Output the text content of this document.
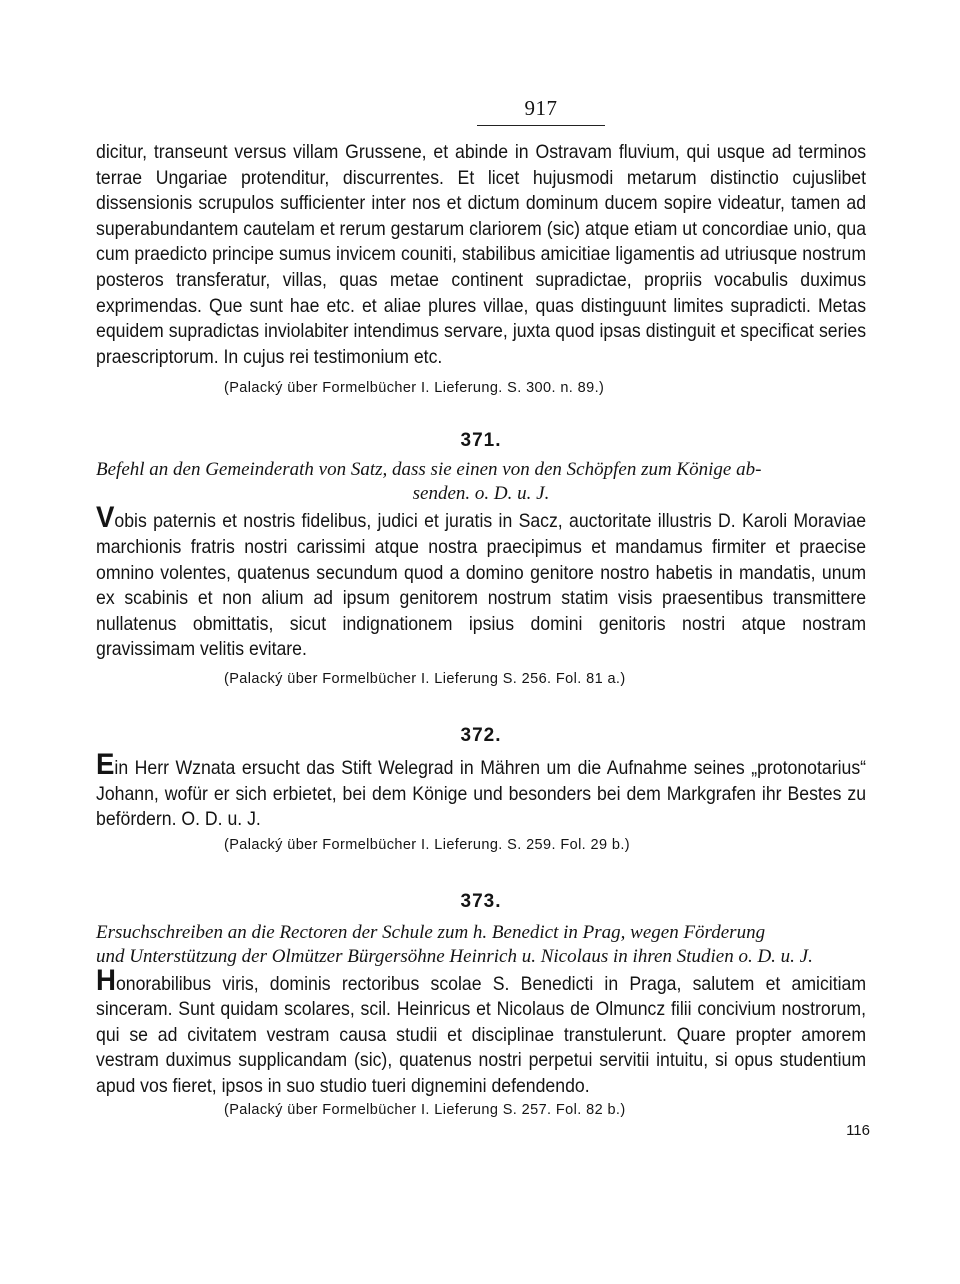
917

dicitur, transeunt versus villam Grussene, et abinde in Ostravam fluvium, qui usque ad terminos terrae Ungariae protenditur, discurrentes. Et licet hujusmodi metarum distinctio cujuslibet dissensionis scrupulos sufficienter inter nos et dictum dominum ducem sopire videatur, tamen ad superabundantem cautelam et rerum gestarum clariorem (sic) atque etiam ut concordiae unio, qua cum praedicto principe sumus invicem couniti, stabilibus amicitiae ligamentis ad utriusque nostrum posteros transferatur, villas, quas metae continent supradictae, propriis vocabulis duximus exprimendas. Que sunt hae etc. et aliae plures villae, quas distinguunt limites supradicti. Metas equidem supradictas inviolabiter intendimus servare, juxta quod ipsas distinguit et specificat series praescriptorum. In cujus rei testimonium etc.

(Palacký über Formelbücher I. Lieferung. S. 300. n. 89.)
371.

Befehl an den Gemeinderath von Satz, dass sie einen von den Schöpfen zum Könige ab-

senden. o. D. u. J.

Vobis paternis et nostris fidelibus, judici et juratis in Sacz, auctoritate illustris D. Karoli Moraviae marchionis fratris nostri carissimi atque nostra praecipimus et mandamus firmiter et praecise omnino volentes, quatenus secundum quod a domino genitore nostro habetis in mandatis, unum ex scabinis et non alium ad ipsum genitorem nostrum statim visis praesentibus transmittere nullatenus obmittatis, sicut indignationem ipsius domini genitoris nostri atque nostram gravissimam velitis evitare.

(Palacký über Formelbücher I. Lieferung S. 256. Fol. 81 a.)
372.

Ein Herr Wznata ersucht das Stift Welegrad in Mähren um die Aufnahme seines „protonotarius“ Johann, wofür er sich erbietet, bei dem Könige und besonders bei dem Markgrafen ihr Bestes zu befördern. O. D. u. J.

(Palacký über Formelbücher I. Lieferung. S. 259. Fol. 29 b.)
373.

Ersuchschreiben an die Rectoren der Schule zum h. Benedict in Prag, wegen Förderung
und Unterstützung der Olmützer Bürgersöhne Heinrich u. Nicolaus in ihren Studien o. D. u. J.

Honorabilibus viris, dominis rectoribus scolae S. Benedicti in Praga, salutem et amicitiam sinceram. Sunt quidam scolares, scil. Heinricus et Nicolaus de Olmuncz filii concivium nostrorum, qui se ad civitatem vestram causa studii et disciplinae transtulerunt. Quare propter amorem vestram duximus supplicandam (sic), quatenus nostri perpetui servitii intuitu, si opus studentium apud vos fieret, ipsos in suo studio tueri dignemini defendendo.

(Palacký über Formelbücher I. Lieferung S. 257. Fol. 82 b.)
116
